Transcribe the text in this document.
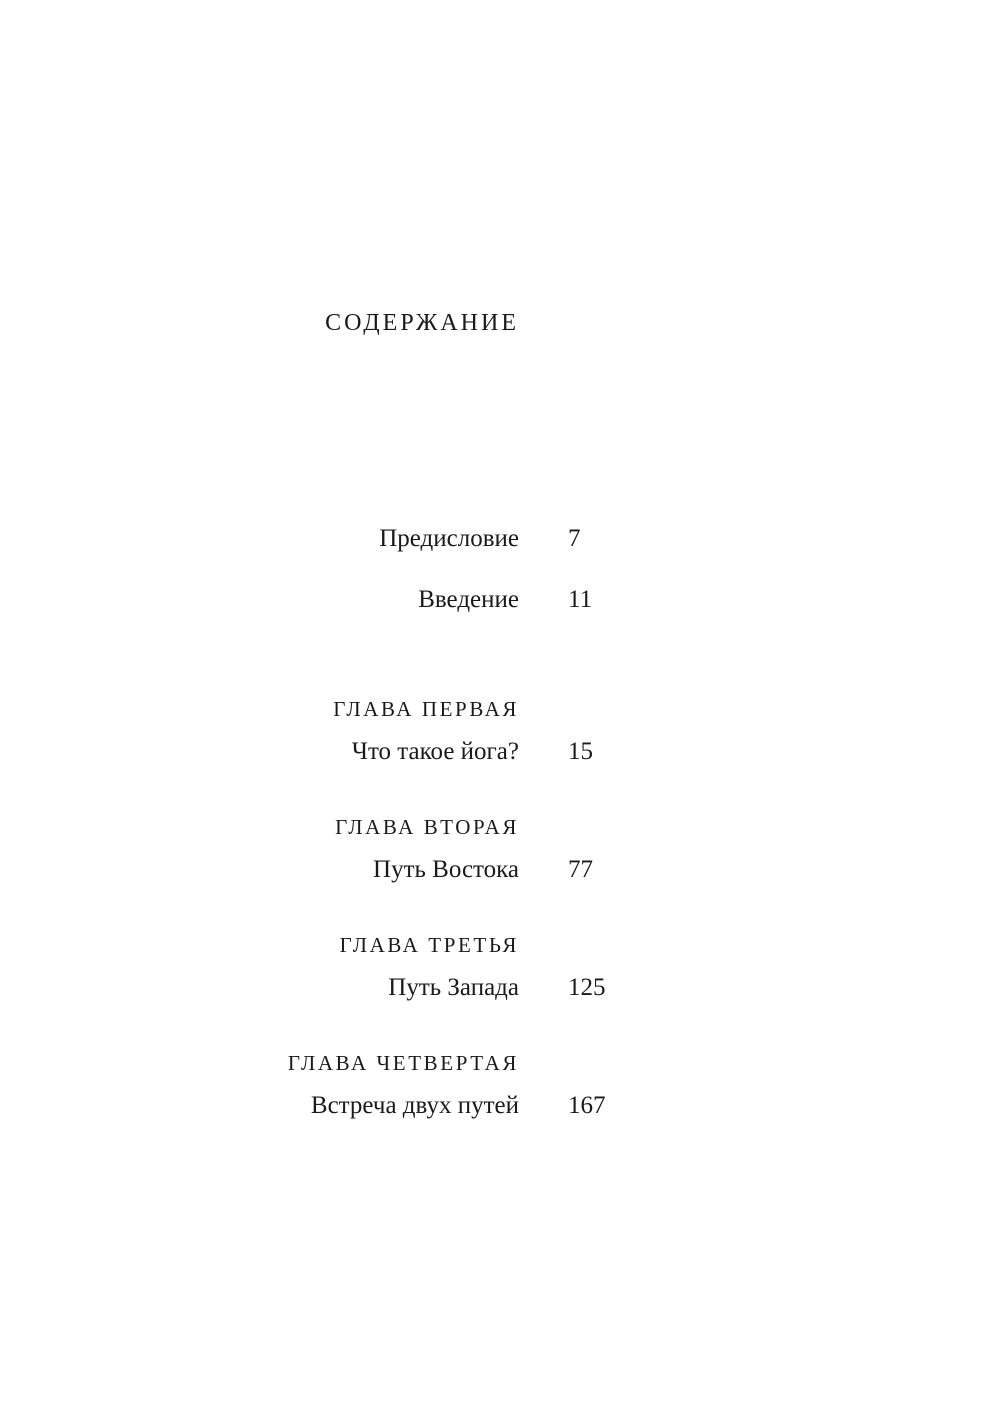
СОДЕРЖАНИЕ
Предисловие 7
Введение 11
ГЛАВА ПЕРВАЯ
Что такое йога? 15
ГЛАВА ВТОРАЯ
Путь Востока 77
ГЛАВА ТРЕТЬЯ
Путь Запада 125
ГЛАВА ЧЕТВЕРТАЯ
Встреча двух путей 167
